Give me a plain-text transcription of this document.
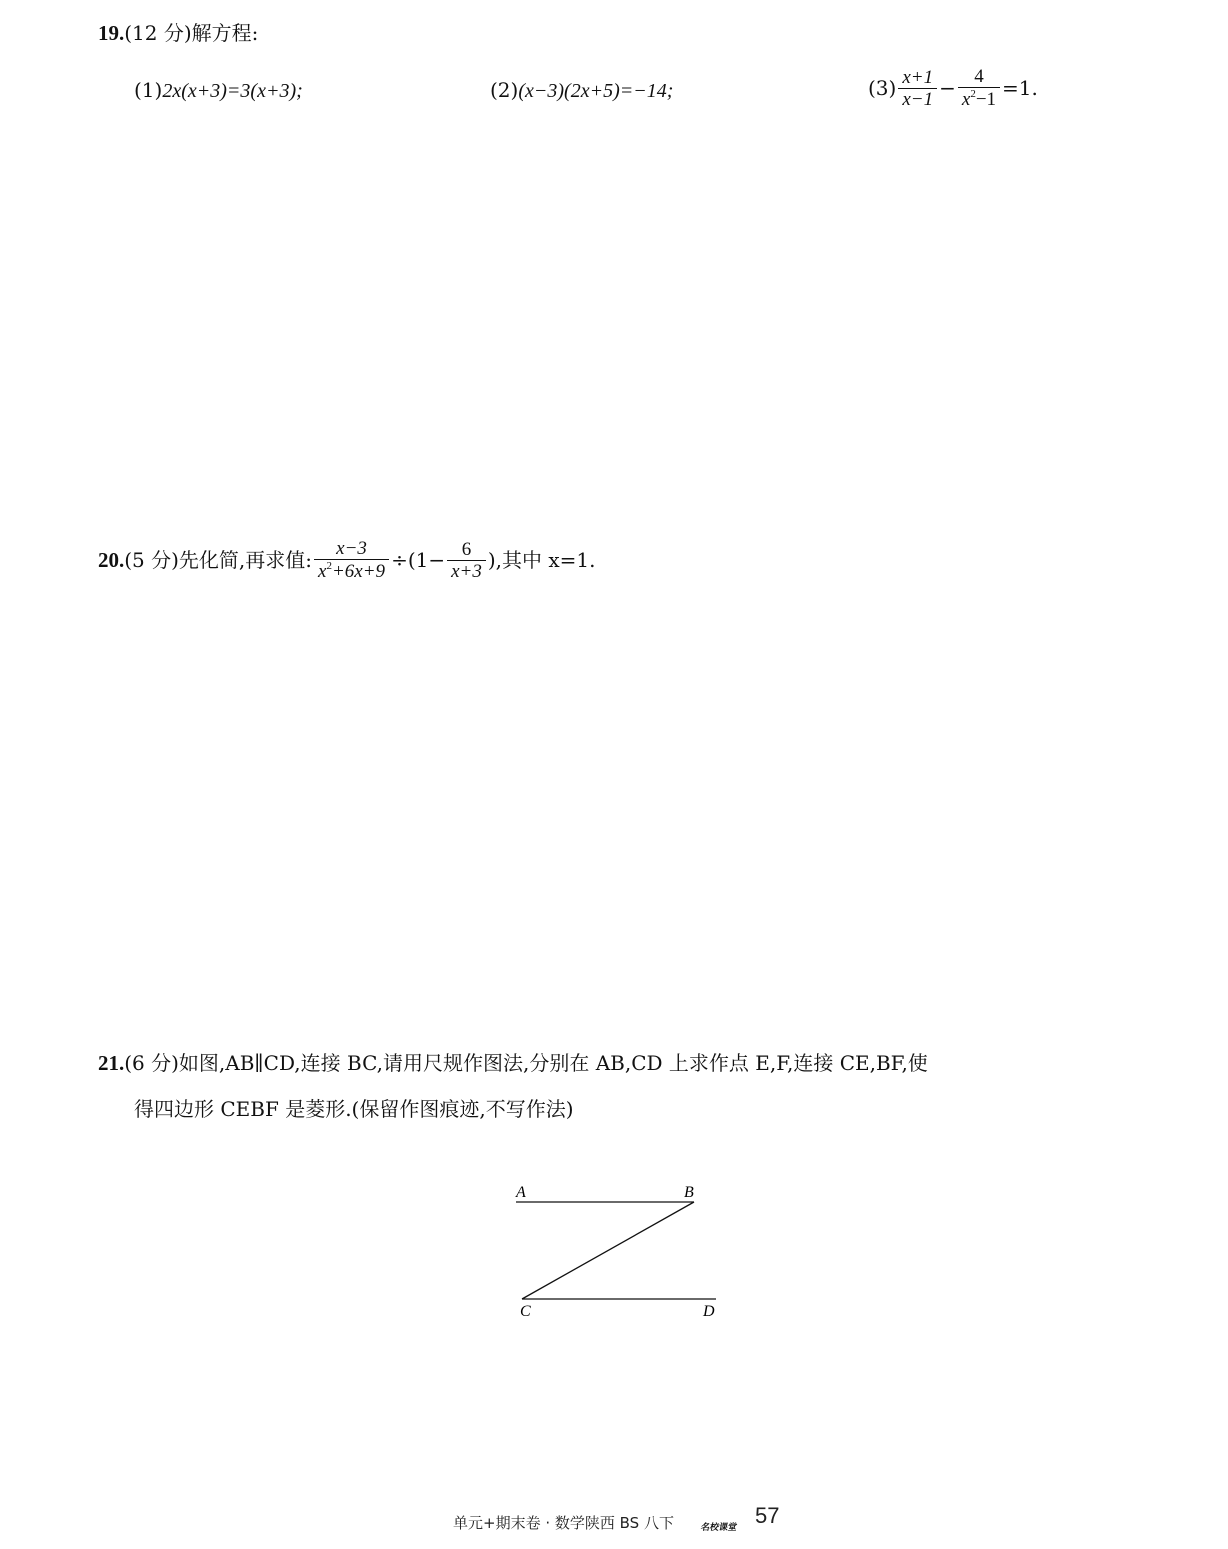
19.(12 分)解方程:
(1)2x(x+3)=3(x+3);	(2)(x−3)(2x+5)=−14;	$(3) \frac{x+1}{x-1} - \frac{4}{x^2-1} =1$.
20. (5 分)先化简,再求值: $\frac{x-3}{x^2+6x+9} \div(1- \frac{6}{x+3}$ ),其中 x=1.
21.(6 分)如图,AB∥CD,连接 BC,请用尺规作图法,分别在 AB,CD 上求作点 E,F,连接 CE,BF,使
得四边形 CEBF 是菱形.(保留作图痕迹,不写作法)
A	B
C	D
单元+期末卷 · 数学陕西 BS 八下	名校课堂 57
